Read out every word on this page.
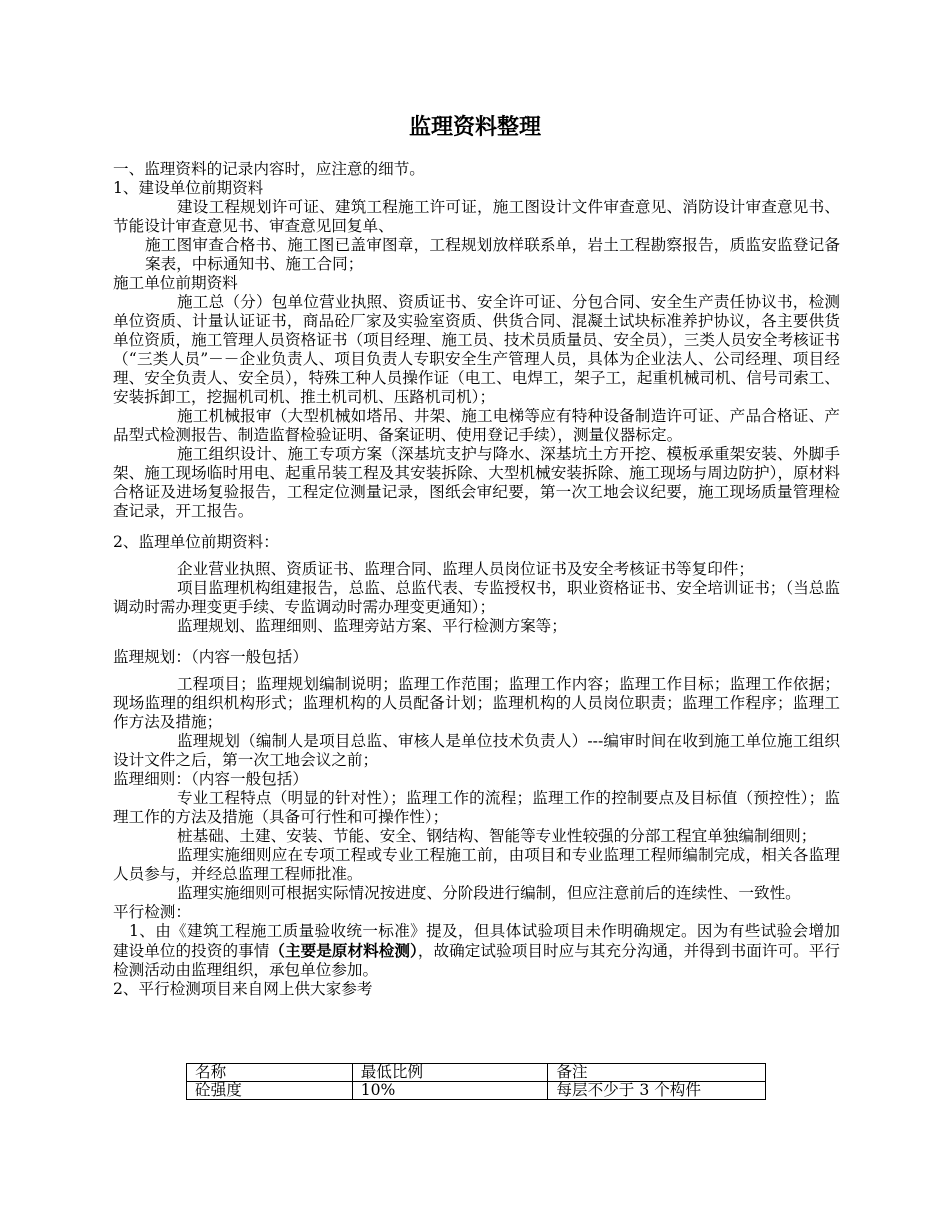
监理资料整理

一、监理资料的记录内容时，应注意的细节。

1、建设单位前期资料

建设工程规划许可证、建筑工程施工许可证，施工图设计文件审查意见、消防设计审查意见书、节能设计审查意见书、审查意见回复单、

施工图审查合格书、施工图已盖审图章，工程规划放样联系单，岩土工程勘察报告，质监安监登记备案表，中标通知书、施工合同；

施工单位前期资料

施工总（分）包单位营业执照、资质证书、安全许可证、分包合同、安全生产责任协议书，检测单位资质、计量认证证书，商品砼厂家及实验室资质、供货合同、混凝土试块标准养护协议，各主要供货单位资质，施工管理人员资格证书（项目经理、施工员、技术员质量员、安全员），三类人员安全考核证书（“三类人员”－－企业负责人、项目负责人专职安全生产管理人员，具体为企业法人、公司经理、项目经理、安全负责人、安全员），特殊工种人员操作证（电工、电焊工，架子工，起重机械司机、信号司索工、安装拆卸工，挖掘机司机、推土机司机、压路机司机）；

施工机械报审（大型机械如塔吊、井架、施工电梯等应有特种设备制造许可证、产品合格证、产品型式检测报告、制造监督检验证明、备案证明、使用登记手续），测量仪器标定。

施工组织设计、施工专项方案（深基坑支护与降水、深基坑土方开挖、模板承重架安装、外脚手架、施工现场临时用电、起重吊装工程及其安装拆除、大型机械安装拆除、施工现场与周边防护），原材料合格证及进场复验报告，工程定位测量记录，图纸会审纪要，第一次工地会议纪要，施工现场质量管理检查记录，开工报告。

2、监理单位前期资料：

企业营业执照、资质证书、监理合同、监理人员岗位证书及安全考核证书等复印件；

项目监理机构组建报告，总监、总监代表、专监授权书，职业资格证书、安全培训证书；（当总监调动时需办理变更手续、专监调动时需办理变更通知）；

监理规划、监理细则、监理旁站方案、平行检测方案等；

监理规划：（内容一般包括）

工程项目；监理规划编制说明；监理工作范围；监理工作内容；监理工作目标；监理工作依据；现场监理的组织机构形式；监理机构的人员配备计划；监理机构的人员岗位职责；监理工作程序；监理工作方法及措施；

监理规划（编制人是项目总监、审核人是单位技术负责人）---编审时间在收到施工单位施工组织设计文件之后，第一次工地会议之前；

监理细则：（内容一般包括）

专业工程特点（明显的针对性）；监理工作的流程；监理工作的控制要点及目标值（预控性）；监理工作的方法及措施（具备可行性和可操作性）；

桩基础、土建、安装、节能、安全、钢结构、智能等专业性较强的分部工程宜单独编制细则；

监理实施细则应在专项工程或专业工程施工前，由项目和专业监理工程师编制完成，相关各监理人员参与，并经总监理工程师批准。

监理实施细则可根据实际情况按进度、分阶段进行编制，但应注意前后的连续性、一致性。

平行检测：

1、由《建筑工程施工质量验收统一标准》提及，但具体试验项目未作明确规定。因为有些试验会增加建设单位的投资的事情（主要是原材料检测），故确定试验项目时应与其充分沟通，并得到书面许可。平行检测活动由监理组织，承包单位参加。

2、平行检测项目来自网上供大家参考

名称	最低比例	备注
砼强度	10%	每层不少于 3 个构件
